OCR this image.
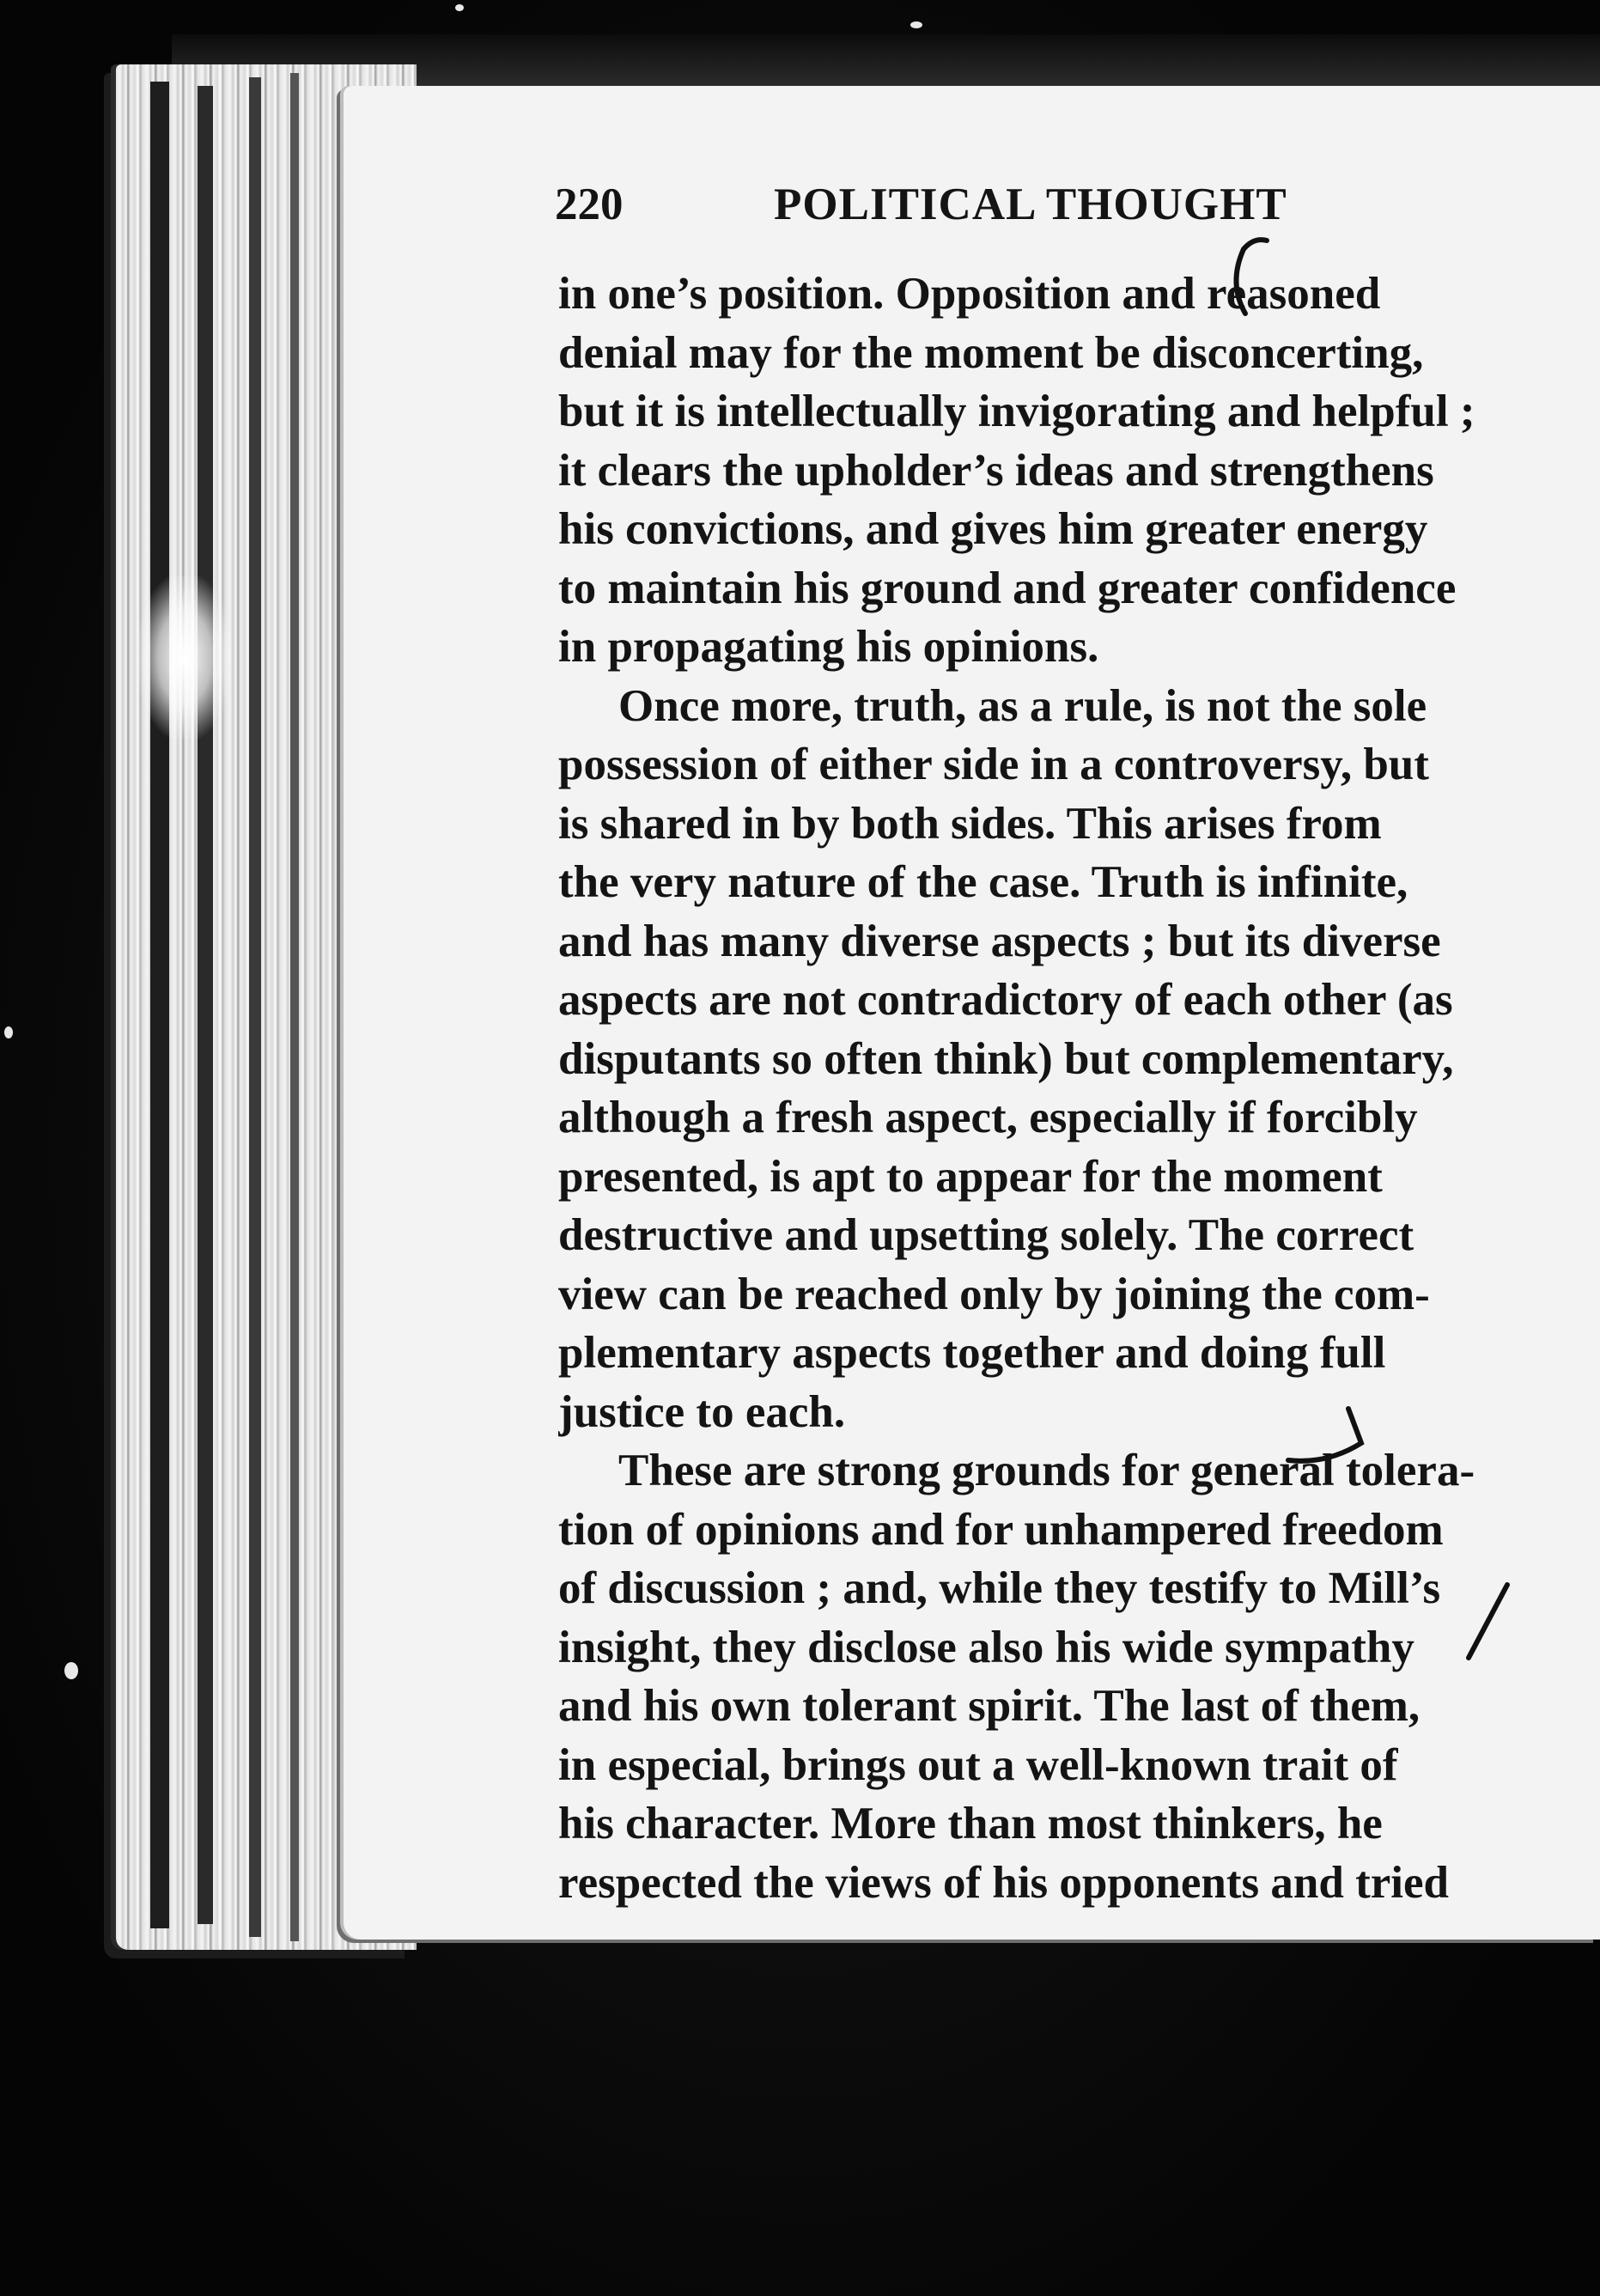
220	POLITICAL THOUGHT
in one’s position. Opposition and reasoned
denial may for the moment be disconcerting,
but it is intellectually invigorating and helpful ;
it clears the upholder’s ideas and strengthens
his convictions, and gives him greater energy
to maintain his ground and greater confidence
in propagating his opinions.
Once more, truth, as a rule, is not the sole
possession of either side in a controversy, but
is shared in by both sides. This arises from
the very nature of the case. Truth is infinite,
and has many diverse aspects ; but its diverse
aspects are not contradictory of each other (as
disputants so often think) but complementary,
although a fresh aspect, especially if forcibly
presented, is apt to appear for the moment
destructive and upsetting solely. The correct
view can be reached only by joining the com-
plementary aspects together and doing full
justice to each.
These are strong grounds for general tolera-
tion of opinions and for unhampered freedom
of discussion ; and, while they testify to Mill’s
insight, they disclose also his wide sympathy
and his own tolerant spirit. The last of them,
in especial, brings out a well-known trait of
his character. More than most thinkers, he
respected the views of his opponents and tried
